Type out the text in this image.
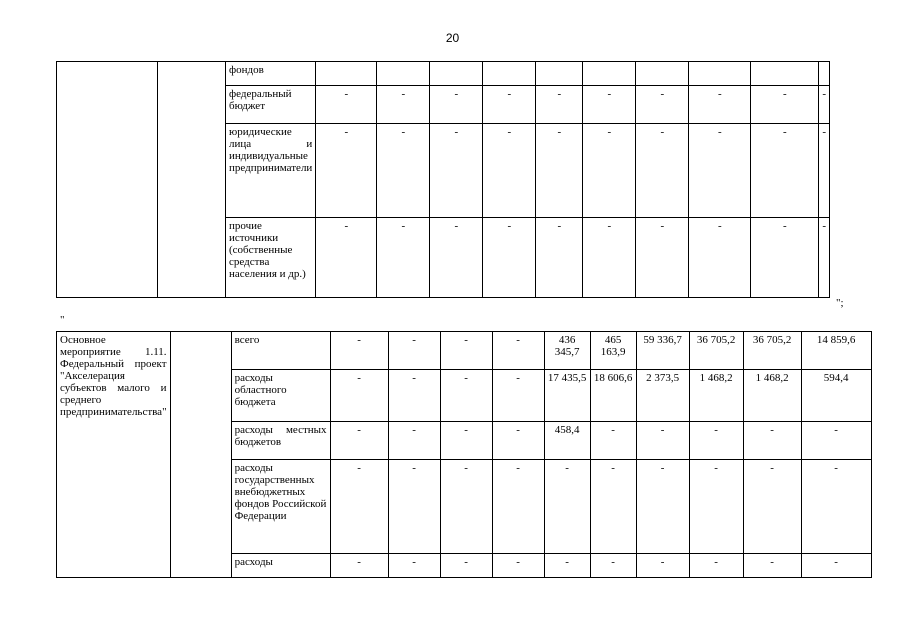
20
		фондов										
		федеральный бюджет	-	-	-	-	-	-	-	-	-	-
		юридические лица и индивидуальные предприниматели	-	-	-	-	-	-	-	-	-	-
		прочие источники (собственные средства населения и др.)	-	-	-	-	-	-	-	-	-	-
";
"
Основное мероприятие 1.11. Федеральный проект "Акселерация субъектов малого и среднего предпринимательства"		всего	-	-	-	-	436 345,7	465 163,9	59 336,7	36 705,2	36 705,2	14 859,6
		расходы областного бюджета	-	-	-	-	17 435,5	18 606,6	2 373,5	1 468,2	1 468,2	594,4
		расходы местных бюджетов	-	-	-	-	458,4	-	-	-	-	-
		расходы государственных внебюджетных фондов Российской Федерации	-	-	-	-	-	-	-	-	-	-
		расходы	-	-	-	-	-	-	-	-	-	-
